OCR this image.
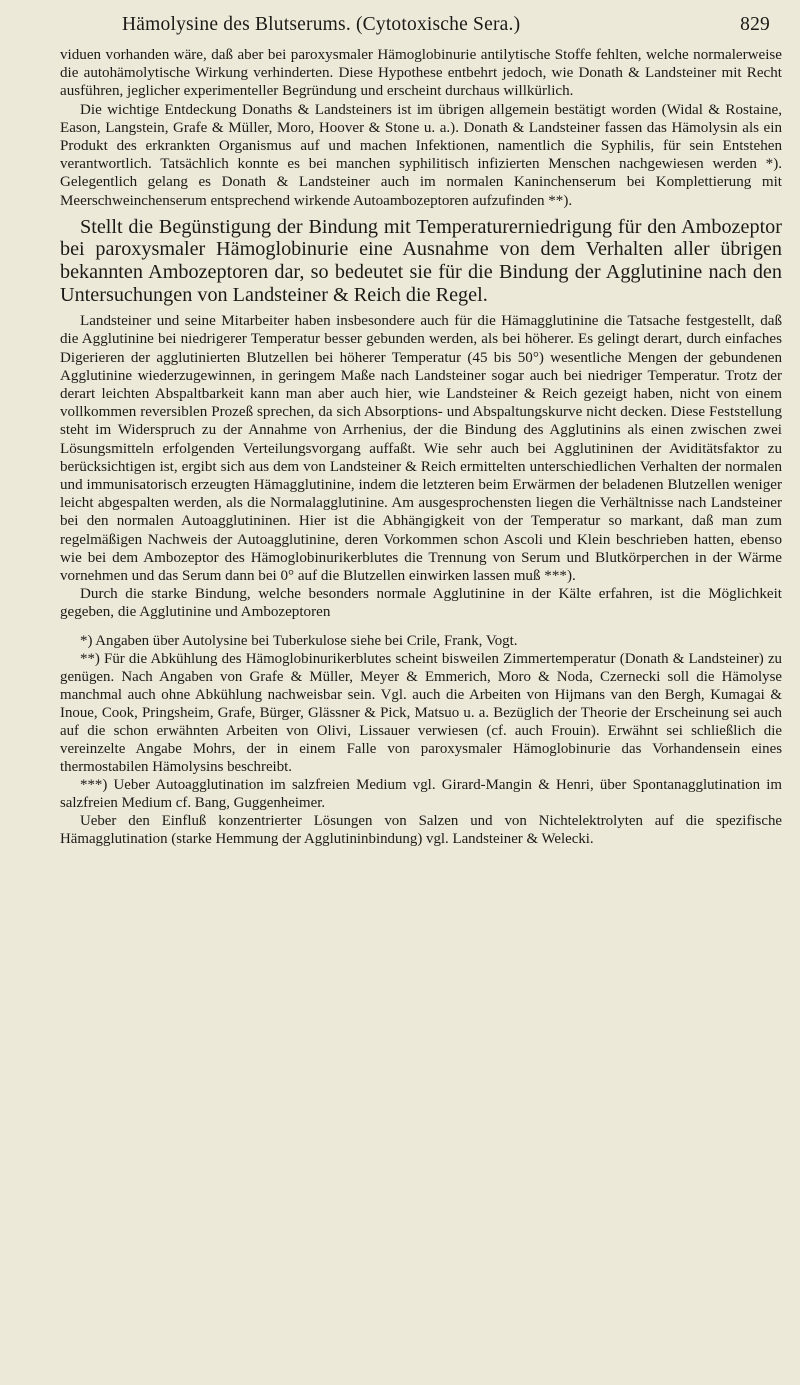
Hämolysine des Blutserums. (Cytotoxische Sera.)	829

viduen vorhanden wäre, daß aber bei paroxysmaler Hämoglobinurie antilytische Stoffe fehlten, welche normalerweise die autohämolytische Wirkung verhinderten. Diese Hypothese entbehrt jedoch, wie Donath & Landsteiner mit Recht ausführen, jeglicher experimenteller Begründung und erscheint durchaus willkürlich.

Die wichtige Entdeckung Donaths & Landsteiners ist im übrigen allgemein bestätigt worden (Widal & Rostaine, Eason, Langstein, Grafe & Müller, Moro, Hoover & Stone u. a.). Donath & Landsteiner fassen das Hämolysin als ein Produkt des erkrankten Organismus auf und machen Infektionen, namentlich die Syphilis, für sein Entstehen verantwortlich. Tatsächlich konnte es bei manchen syphilitisch infizierten Menschen nachgewiesen werden *). Gelegentlich gelang es Donath & Landsteiner auch im normalen Kaninchenserum bei Komplettierung mit Meerschweinchenserum entsprechend wirkende Autoambozeptoren aufzufinden **).

Stellt die Begünstigung der Bindung mit Temperaturerniedrigung für den Ambozeptor bei paroxysmaler Hämoglobinurie eine Ausnahme von dem Verhalten aller übrigen bekannten Ambozeptoren dar, so bedeutet sie für die Bindung der Agglutinine nach den Untersuchungen von Landsteiner & Reich die Regel.

Landsteiner und seine Mitarbeiter haben insbesondere auch für die Hämagglutinine die Tatsache festgestellt, daß die Agglutinine bei niedrigerer Temperatur besser gebunden werden, als bei höherer. Es gelingt derart, durch einfaches Digerieren der agglutinierten Blutzellen bei höherer Temperatur (45 bis 50°) wesentliche Mengen der gebundenen Agglutinine wiederzugewinnen, in geringem Maße nach Landsteiner sogar auch bei niedriger Temperatur. Trotz der derart leichten Abspaltbarkeit kann man aber auch hier, wie Landsteiner & Reich gezeigt haben, nicht von einem vollkommen reversiblen Prozeß sprechen, da sich Absorptions- und Abspaltungskurve nicht decken. Diese Feststellung steht im Widerspruch zu der Annahme von Arrhenius, der die Bindung des Agglutinins als einen zwischen zwei Lösungsmitteln erfolgenden Verteilungsvorgang auffaßt. Wie sehr auch bei Agglutininen der Aviditätsfaktor zu berücksichtigen ist, ergibt sich aus dem von Landsteiner & Reich ermittelten unterschiedlichen Verhalten der normalen und immunisatorisch erzeugten Hämagglutinine, indem die letzteren beim Erwärmen der beladenen Blutzellen weniger leicht abgespalten werden, als die Normalagglutinine. Am ausgesprochensten liegen die Verhältnisse nach Landsteiner bei den normalen Autoagglutininen. Hier ist die Abhängigkeit von der Temperatur so markant, daß man zum regelmäßigen Nachweis der Autoagglutinine, deren Vorkommen schon Ascoli und Klein beschrieben hatten, ebenso wie bei dem Ambozeptor des Hämoglobinurikerblutes die Trennung von Serum und Blutkörperchen in der Wärme vornehmen und das Serum dann bei 0° auf die Blutzellen einwirken lassen muß ***).

Durch die starke Bindung, welche besonders normale Agglutinine in der Kälte erfahren, ist die Möglichkeit gegeben, die Agglutinine und Ambozeptoren

*) Angaben über Autolysine bei Tuberkulose siehe bei Crile, Frank, Vogt.

**) Für die Abkühlung des Hämoglobinurikerblutes scheint bisweilen Zimmertemperatur (Donath & Landsteiner) zu genügen. Nach Angaben von Grafe & Müller, Meyer & Emmerich, Moro & Noda, Czernecki soll die Hämolyse manchmal auch ohne Abkühlung nachweisbar sein. Vgl. auch die Arbeiten von Hijmans van den Bergh, Kumagai & Inoue, Cook, Pringsheim, Grafe, Bürger, Glässner & Pick, Matsuo u. a. Bezüglich der Theorie der Erscheinung sei auch auf die schon erwähnten Arbeiten von Olivi, Lissauer verwiesen (cf. auch Frouin). Erwähnt sei schließlich die vereinzelte Angabe Mohrs, der in einem Falle von paroxysmaler Hämoglobinurie das Vorhandensein eines thermostabilen Hämolysins beschreibt.

***) Ueber Autoagglutination im salzfreien Medium vgl. Girard-Mangin & Henri, über Spontanagglutination im salzfreien Medium cf. Bang, Guggenheimer.

Ueber den Einfluß konzentrierter Lösungen von Salzen und von Nichtelektrolyten auf die spezifische Hämagglutination (starke Hemmung der Agglutininbindung) vgl. Landsteiner & Welecki.
